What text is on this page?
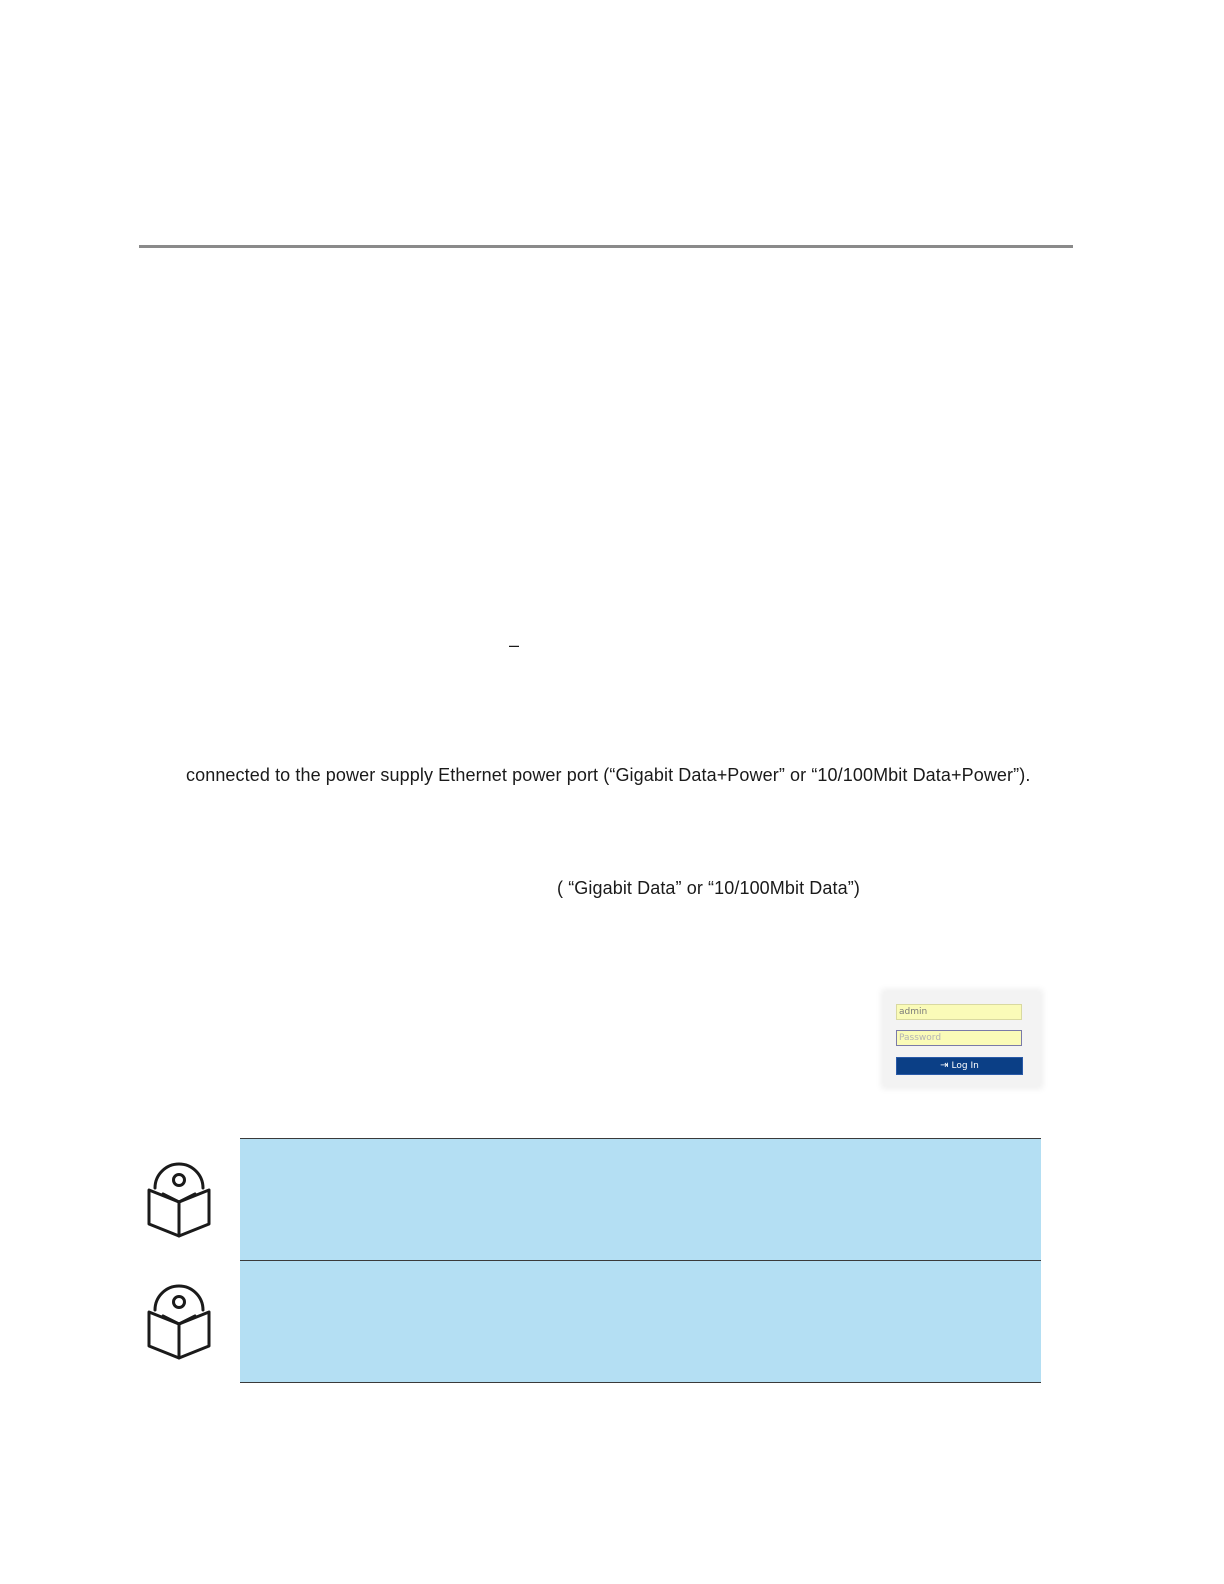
–
connected to the power supply Ethernet power port (“Gigabit Data+Power” or “10/100Mbit Data+Power”).
( “Gigabit Data” or “10/100Mbit Data”)
admin
Password
⇥ Log In
